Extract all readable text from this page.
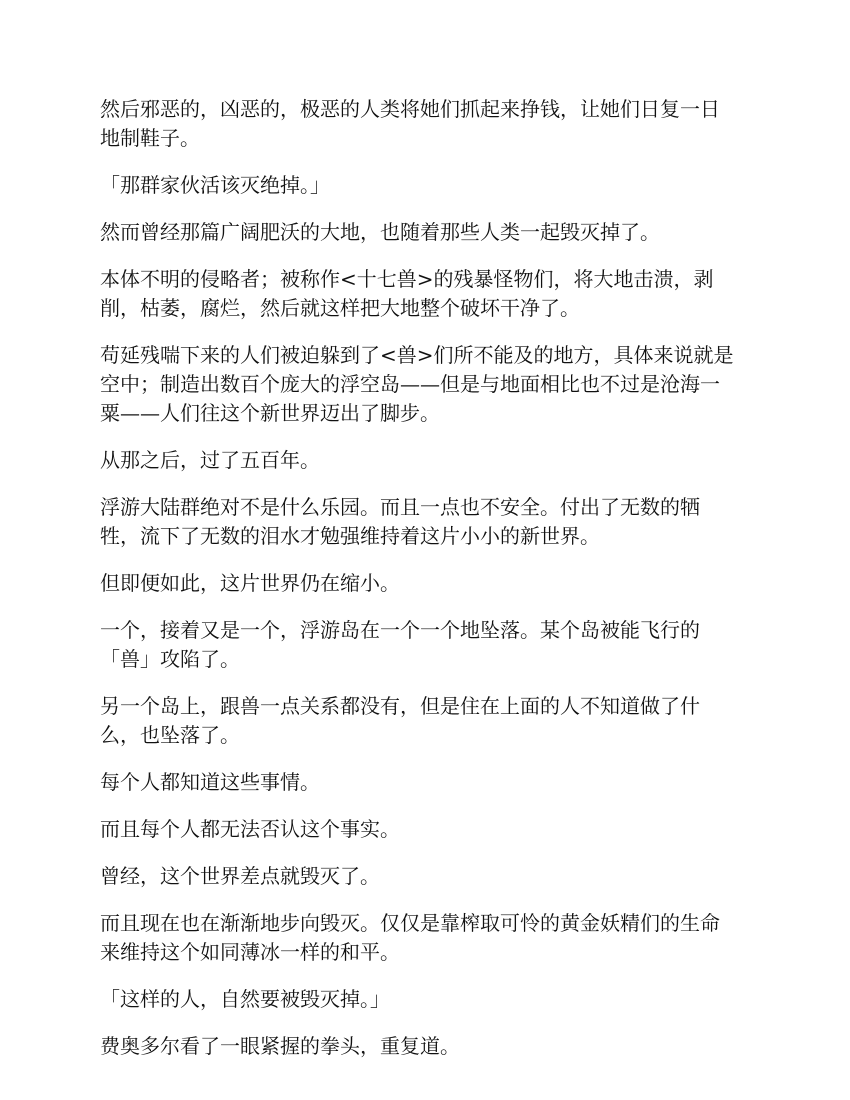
然后邪恶的，凶恶的，极恶的人类将她们抓起来挣钱，让她们日复一日
地制鞋子。

「那群家伙活该灭绝掉。」

然而曾经那篇广阔肥沃的大地，也随着那些人类一起毁灭掉了。

本体不明的侵略者；被称作<十七兽>的残暴怪物们，将大地击溃，剥
削，枯萎，腐烂，然后就这样把大地整个破坏干净了。

苟延残喘下来的人们被迫躲到了<兽>们所不能及的地方，具体来说就是
空中；制造出数百个庞大的浮空岛——但是与地面相比也不过是沧海一
粟——人们往这个新世界迈出了脚步。

从那之后，过了五百年。

浮游大陆群绝对不是什么乐园。而且一点也不安全。付出了无数的牺
牲，流下了无数的泪水才勉强维持着这片小小的新世界。

但即便如此，这片世界仍在缩小。

一个，接着又是一个，浮游岛在一个一个地坠落。某个岛被能飞行的
「兽」攻陷了。

另一个岛上，跟兽一点关系都没有，但是住在上面的人不知道做了什
么，也坠落了。

每个人都知道这些事情。

而且每个人都无法否认这个事实。

曾经，这个世界差点就毁灭了。

而且现在也在渐渐地步向毁灭。仅仅是靠榨取可怜的黄金妖精们的生命
来维持这个如同薄冰一样的和平。

「这样的人，自然要被毁灭掉。」

费奥多尔看了一眼紧握的拳头，重复道。
